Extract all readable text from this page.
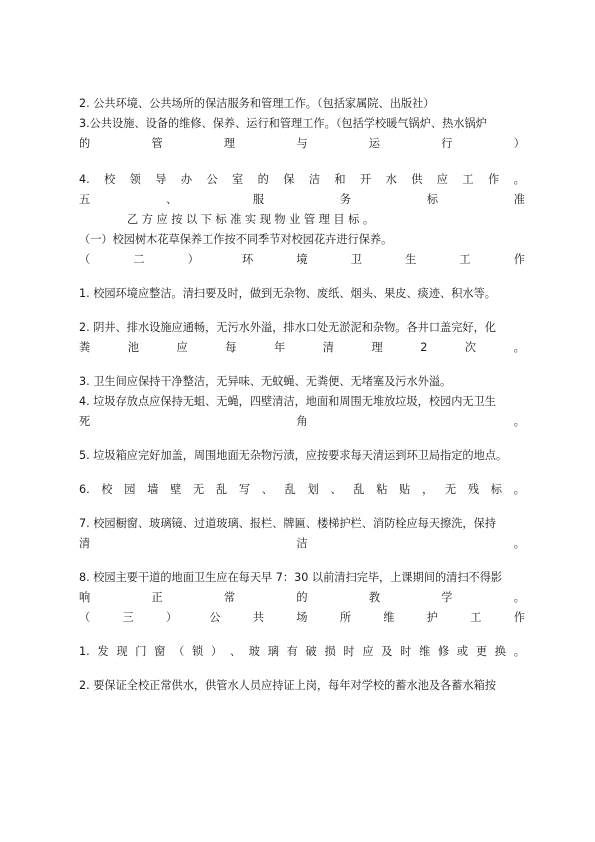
2. 公共环境、公共场所的保洁服务和管理工作。（包括家属院、出版社）
3.公共设施、设备的维修、保养、运行和管理工作。（包括学校暖气锅炉、热水锅炉
的	管	理	与	运	行	）
4. 校 领 导 办 公 室 的 保 洁 和 开 水 供 应 工 作 。
五	、	服	务	标	准
乙 方 应 按 以 下 标 准 实 现 物 业 管 理 目 标 。
（一）校园树木花草保养工作按不同季节对校园花卉进行保养。
（	二	）	环	境	卫	生	工	作
1. 校园环境应整洁。清扫要及时，做到无杂物、废纸、烟头、果皮、痰迹、积水等。
2. 阴井、排水设施应通畅，无污水外溢，排水口处无淤泥和杂物。各井口盖完好，化
粪	池	应	每	年	清	理	2	次	。
3. 卫生间应保持干净整洁，无异味、无蚊蝇、无粪便、无堵塞及污水外溢。
4. 垃圾存放点应保持无蛆、无蝇，四壁清洁，地面和周围无堆放垃圾，校园内无卫生
死	角	。
5. 垃圾箱应完好加盖，周围地面无杂物污渍，应按要求每天清运到环卫局指定的地点。
6. 校 园 墙 壁 无 乱 写 、 乱 划 、 乱 粘 贴 ， 无 残 标 。
7. 校园橱窗、玻璃镜、过道玻璃、报栏、牌匾、楼梯护栏、消防栓应每天擦洗，保持
清	洁	。
8. 校园主要干道的地面卫生应在每天早 7：30 以前清扫完毕，上课期间的清扫不得影
响	正	常	的	教	学	。
（	三	）	公	共	场	所	维	护	工	作
1. 发 现 门 窗 （ 锁 ） 、 玻 璃 有 破 损 时 应 及 时 维 修 或 更 换 。
2. 要保证全校正常供水，供管水人员应持证上岗，每年对学校的蓄水池及各蓄水箱按
